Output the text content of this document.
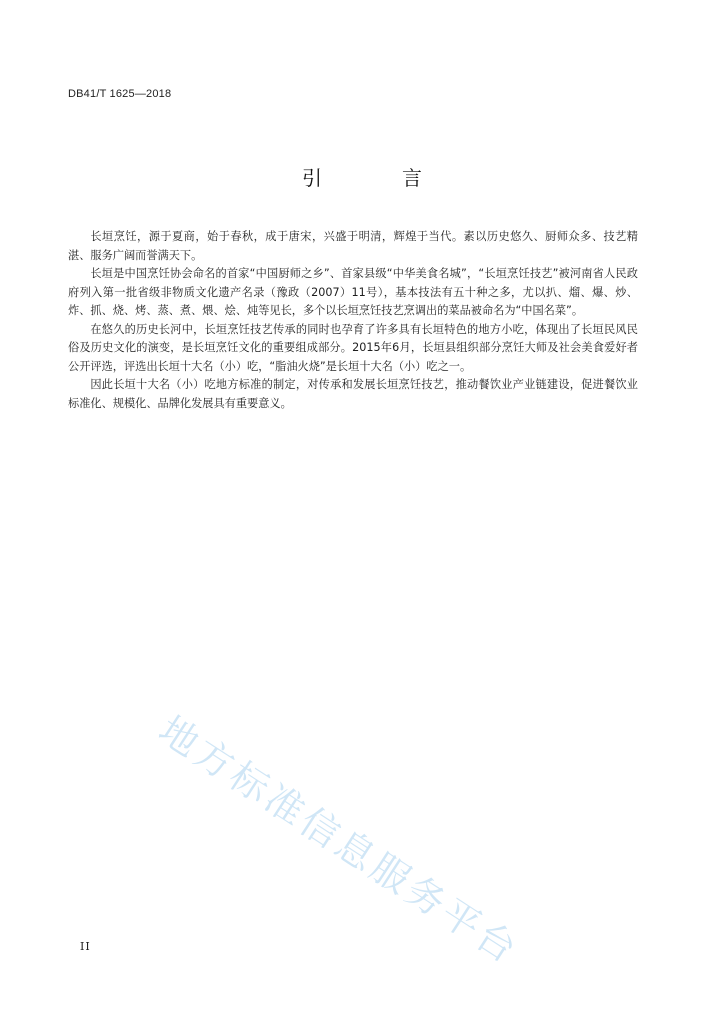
DB41/T 1625—2018
引　言

长垣烹饪，源于夏商，始于春秋，成于唐宋，兴盛于明清，辉煌于当代。素以历史悠久、厨师众多、技艺精湛、服务广阔而誉满天下。

长垣是中国烹饪协会命名的首家“中国厨师之乡”、首家县级“中华美食名城”，“长垣烹饪技艺”被河南省人民政府列入第一批省级非物质文化遗产名录（豫政（2007）11号），基本技法有五十种之多，尤以扒、熘、爆、炒、炸、抓、烧、烤、蒸、煮、煨、烩、炖等见长，多个以长垣烹饪技艺烹调出的菜品被命名为“中国名菜”。

在悠久的历史长河中，长垣烹饪技艺传承的同时也孕育了许多具有长垣特色的地方小吃，体现出了长垣民风民俗及历史文化的演变，是长垣烹饪文化的重要组成部分。2015年6月，长垣县组织部分烹饪大师及社会美食爱好者公开评选，评选出长垣十大名（小）吃，“脂油火烧”是长垣十大名（小）吃之一。

因此长垣十大名（小）吃地方标准的制定，对传承和发展长垣烹饪技艺，推动餐饮业产业链建设，促进餐饮业标准化、规模化、品牌化发展具有重要意义。

地方标准信息服务平台
II
